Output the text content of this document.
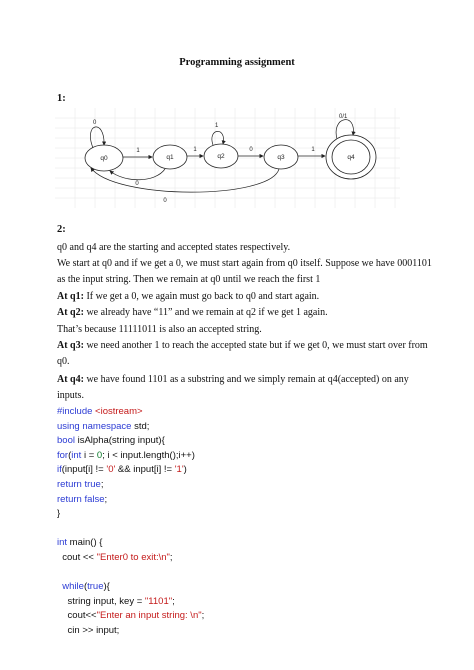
Programming assignment
1:
q0	q1	q2	q3	q4
0
1	1
1
0	1
0/1
0
0
2:
q0 and q4 are the starting and accepted states respectively.
We start at q0 and if we get a 0, we must start again from q0 itself. Suppose we have 0001101
as the input string. Then we remain at q0 until we reach the first 1
At q1: If we get a 0, we again must go back to q0 and start again.
At q2: we already have “11” and we remain at q2 if we get 1 again.
That’s because 11111011 is also an accepted string.
At q3: we need another 1 to reach the accepted state but if we get 0, we must start over from
q0.
At q4: we have found 1101 as a substring and we simply remain at q4(accepted) on any
inputs.
#include <iostream>
using namespace std;
bool isAlpha(string input){
for(int i = 0; i < input.length();i++)
if(input[i] != '0' && input[i] != '1')
return true;
return false;
}

int main() {
cout << "Enter0 to exit:\n";

while(true){
string input, key = "1101";
cout<<"Enter an input string: \n";
cin >> input;
